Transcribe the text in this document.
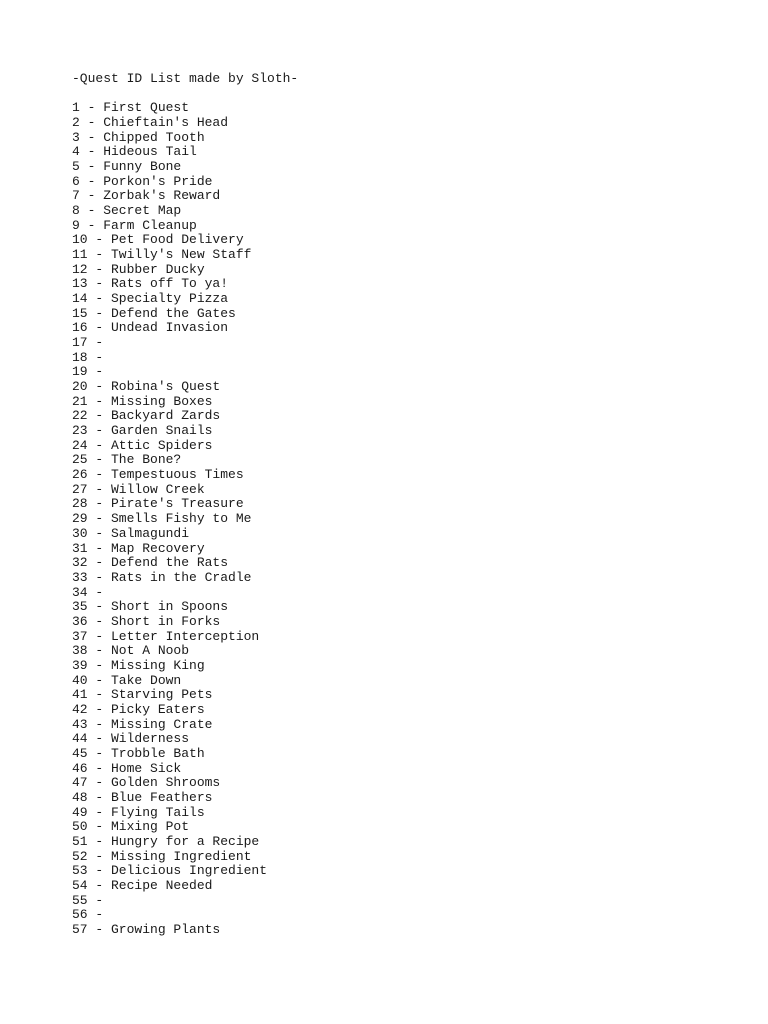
-Quest ID List made by Sloth-
1 - First Quest
2 - Chieftain's Head
3 - Chipped Tooth
4 - Hideous Tail
5 - Funny Bone
6 - Porkon's Pride
7 - Zorbak's Reward
8 - Secret Map
9 - Farm Cleanup
10 - Pet Food Delivery
11 - Twilly's New Staff
12 - Rubber Ducky
13 - Rats off To ya!
14 - Specialty Pizza
15 - Defend the Gates
16 - Undead Invasion
17 -
18 -
19 -
20 - Robina's Quest
21 - Missing Boxes
22 - Backyard Zards
23 - Garden Snails
24 - Attic Spiders
25 - The Bone?
26 - Tempestuous Times
27 - Willow Creek
28 - Pirate's Treasure
29 - Smells Fishy to Me
30 - Salmagundi
31 - Map Recovery
32 - Defend the Rats
33 - Rats in the Cradle
34 -
35 - Short in Spoons
36 - Short in Forks
37 - Letter Interception
38 - Not A Noob
39 - Missing King
40 - Take Down
41 - Starving Pets
42 - Picky Eaters
43 - Missing Crate
44 - Wilderness
45 - Trobble Bath
46 - Home Sick
47 - Golden Shrooms
48 - Blue Feathers
49 - Flying Tails
50 - Mixing Pot
51 - Hungry for a Recipe
52 - Missing Ingredient
53 - Delicious Ingredient
54 - Recipe Needed
55 -
56 -
57 - Growing Plants
